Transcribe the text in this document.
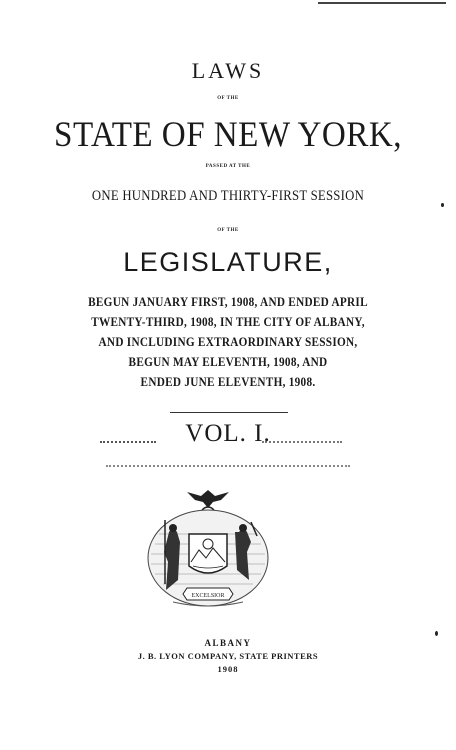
LAWS
OF THE
STATE OF NEW YORK,
PASSED AT THE
ONE HUNDRED AND THIRTY-FIRST SESSION
OF THE
LEGISLATURE,
BEGUN JANUARY FIRST, 1908, AND ENDED APRIL
TWENTY-THIRD, 1908, IN THE CITY OF ALBANY,
AND INCLUDING EXTRAORDINARY SESSION,
BEGUN MAY ELEVENTH, 1908, AND
ENDED JUNE ELEVENTH, 1908.
VOL. I.
EXCELSIOR
ALBANY
J. B. LYON COMPANY, STATE PRINTERS
1908
